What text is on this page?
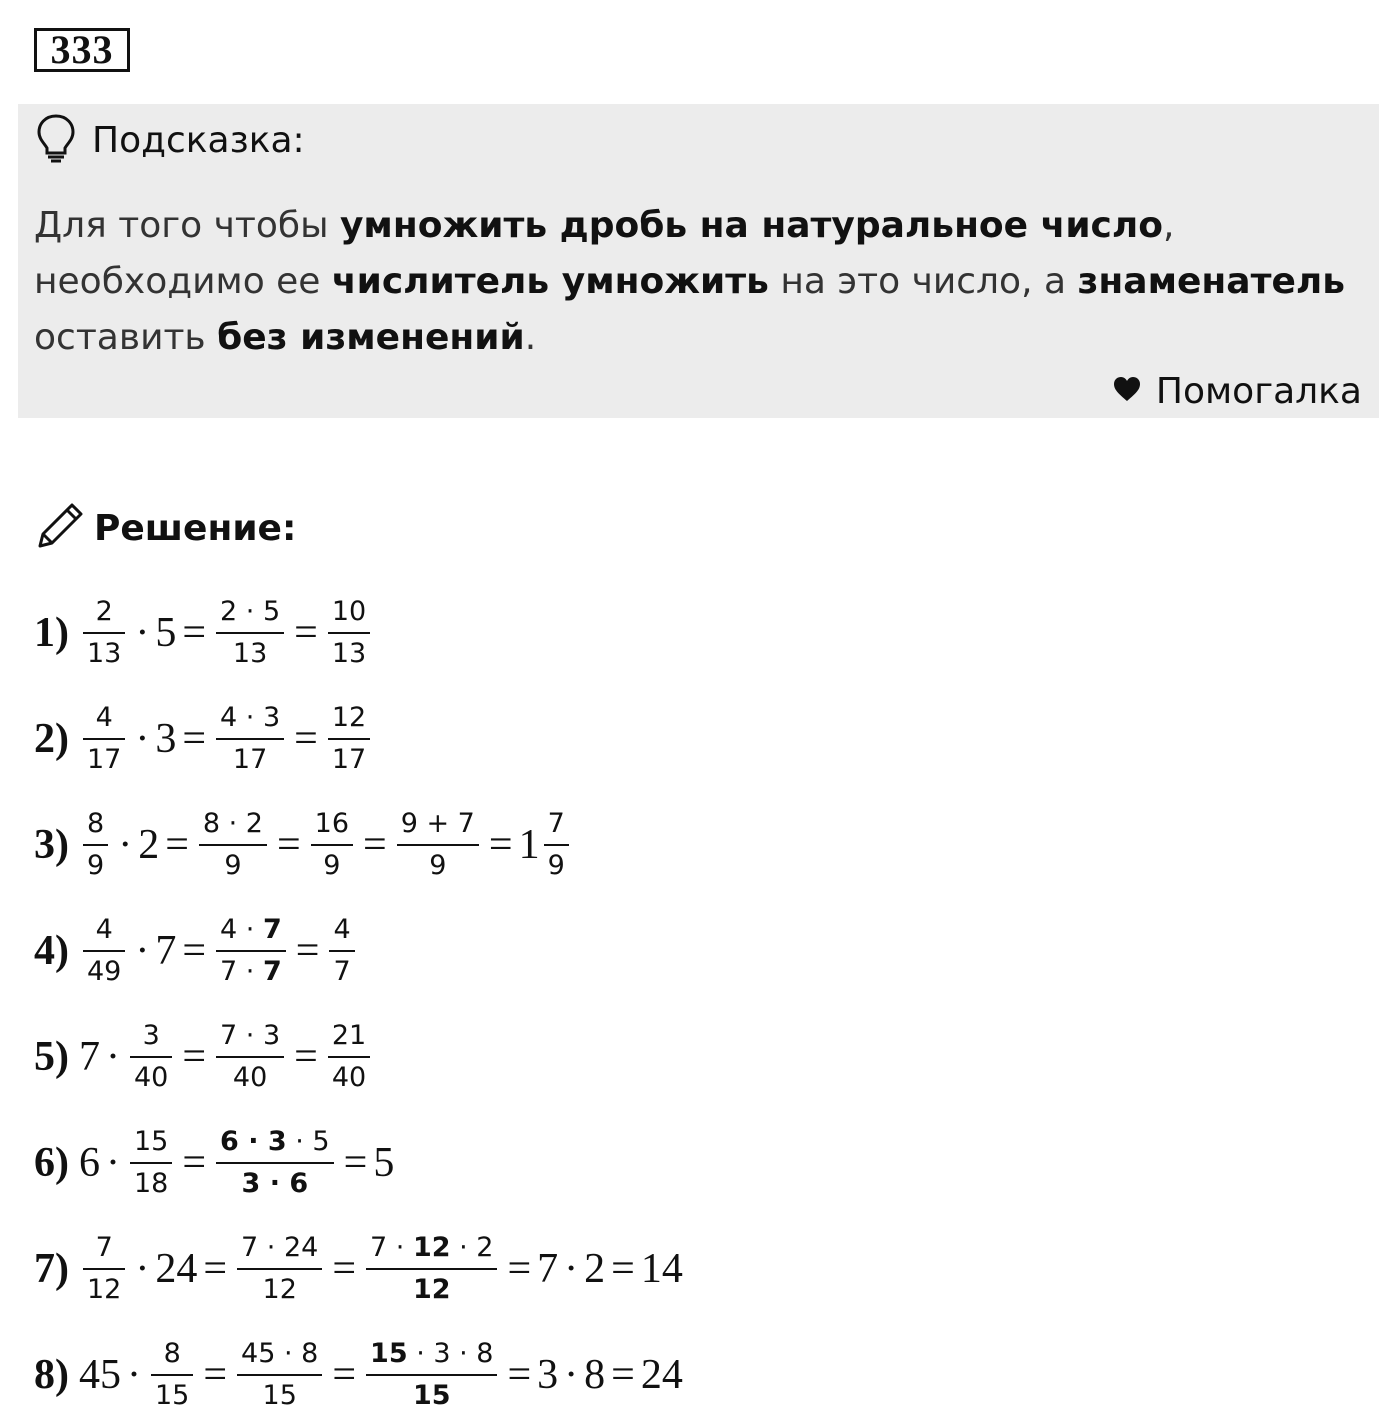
333
Подсказка:
Для того чтобы умножить дробь на натуральное число, необходимо ее числитель умножить на это число, а знаменатель оставить без изменений.
Помогалка
Решение:
$1) \frac{2}{13} \cdot 5 = \frac{2 \cdot 5}{13} = \frac{10}{13}$
$2) \frac{4}{17} \cdot 3 = \frac{4 \cdot 3}{17} = \frac{12}{17}$
$3) \frac{8}{9} \cdot 2 = \frac{8 \cdot 2}{9} = \frac{16}{9} = \frac{9 + 7}{9} = 1 \frac{7}{9}$
$4) \frac{4}{49} \cdot 7 = \frac{4 \cdot 7}{7 \cdot 7} = \frac{4}{7}$
5) $7 \cdot \frac{3}{40} = \frac{7 \cdot 3}{40} = \frac{21}{40}$
6) $6 \cdot \frac{15}{18} = \frac{6 \cdot 3 \cdot 5}{3 \cdot 6} = 5$
$7) \frac{7}{12} \cdot 24 = \frac{7 \cdot 24}{12} = \frac{7 \cdot 12 \cdot 2}{12} = 7 \cdot 2 = 14$
8) $45 \cdot \frac{8}{15} = \frac{45 \cdot 8}{15} = \frac{15 \cdot 3 \cdot 8}{15} = 3 \cdot 8 = 24$
